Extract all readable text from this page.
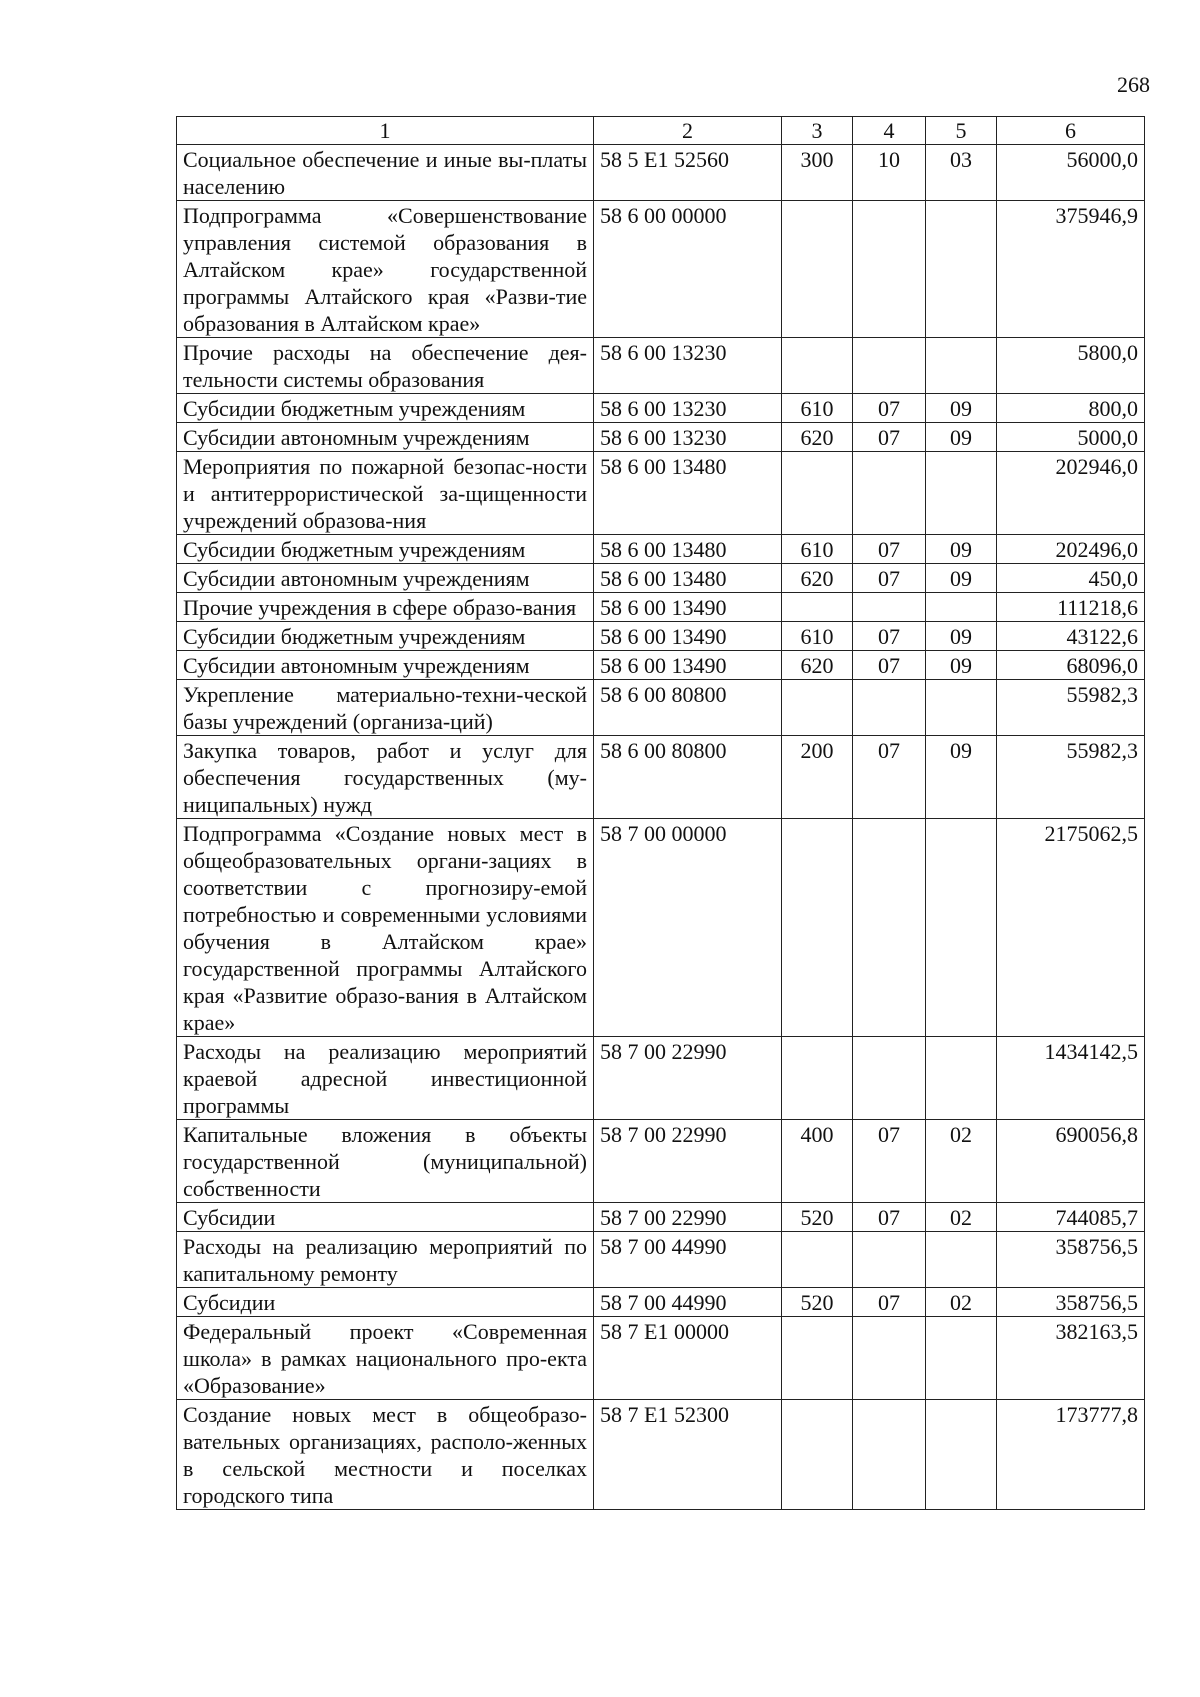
268
1	2	3	4	5	6
Социальное обеспечение и иные вы-платы населению	58 5 E1 52560	300	10	03	56000,0
Подпрограмма «Совершенствование управления системой образования в Алтайском крае» государственной программы Алтайского края «Разви-тие образования в Алтайском крае»	58 6 00 00000				375946,9
Прочие расходы на обеспечение дея-тельности системы образования	58 6 00 13230				5800,0
Субсидии бюджетным учреждениям	58 6 00 13230	610	07	09	800,0
Субсидии автономным учреждениям	58 6 00 13230	620	07	09	5000,0
Мероприятия по пожарной безопас-ности и антитеррористической за-щищенности учреждений образова-ния	58 6 00 13480				202946,0
Субсидии бюджетным учреждениям	58 6 00 13480	610	07	09	202496,0
Субсидии автономным учреждениям	58 6 00 13480	620	07	09	450,0
Прочие учреждения в сфере образо-вания	58 6 00 13490				111218,6
Субсидии бюджетным учреждениям	58 6 00 13490	610	07	09	43122,6
Субсидии автономным учреждениям	58 6 00 13490	620	07	09	68096,0
Укрепление материально-техни-ческой базы учреждений (организа-ций)	58 6 00 80800				55982,3
Закупка товаров, работ и услуг для обеспечения государственных (му-ниципальных) нужд	58 6 00 80800	200	07	09	55982,3
Подпрограмма «Создание новых мест в общеобразовательных органи-зациях в соответствии с прогнозиру-емой потребностью и современными условиями обучения в Алтайском крае» государственной программы Алтайского края «Развитие образо-вания в Алтайском крае»	58 7 00 00000				2175062,5
Расходы на реализацию мероприятий краевой адресной инвестиционной программы	58 7 00 22990				1434142,5
Капитальные вложения в объекты государственной (муниципальной) собственности	58 7 00 22990	400	07	02	690056,8
Субсидии	58 7 00 22990	520	07	02	744085,7
Расходы на реализацию мероприятий по капитальному ремонту	58 7 00 44990				358756,5
Субсидии	58 7 00 44990	520	07	02	358756,5
Федеральный проект «Современная школа» в рамках национального про-екта «Образование»	58 7 E1 00000				382163,5
Создание новых мест в общеобразо-вательных организациях, располо-женных в сельской местности и поселках городского типа	58 7 E1 52300				173777,8
